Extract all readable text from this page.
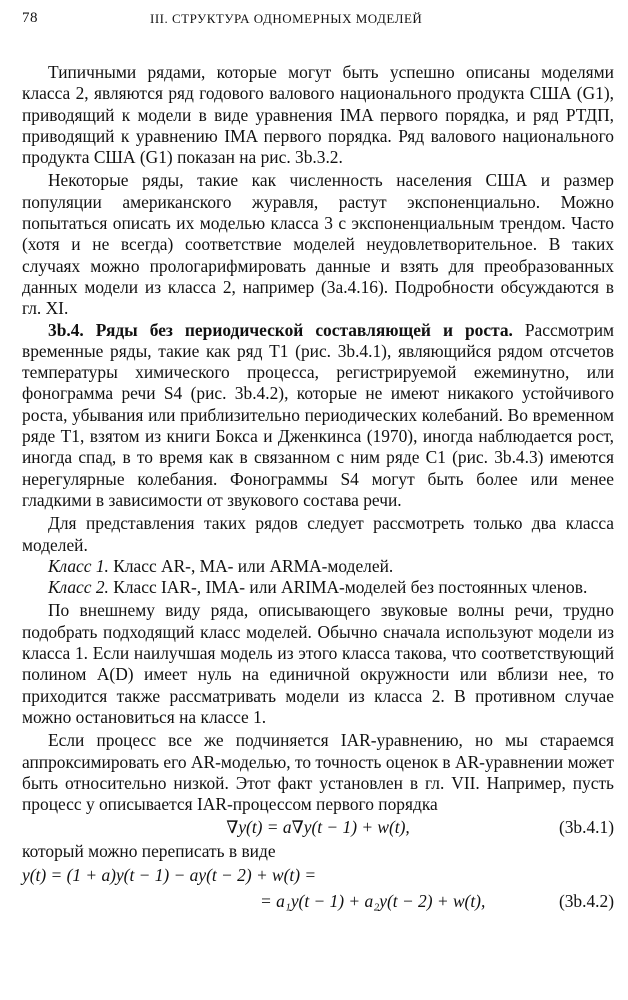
78	III. СТРУКТУРА ОДНОМЕРНЫХ МОДЕЛЕЙ

Типичными рядами, которые могут быть успешно описаны моделями класса 2, являются ряд годового валового национального продукта США (G1), приводящий к модели в виде уравнения IMA первого порядка, и ряд РТДП, приводящий к уравнению IMA первого порядка. Ряд валового национального продукта США (G1) показан на рис. 3b.3.2.

Некоторые ряды, такие как численность населения США и размер популяции американского журавля, растут экспоненциально. Можно попытаться описать их моделью класса 3 с экспоненциальным трендом. Часто (хотя и не всегда) соответствие моделей неудовлетворительное. В таких случаях можно прологарифмировать данные и взять для преобразованных данных модели из класса 2, например (3a.4.16). Подробности обсуждаются в гл. XI.

3b.4. Ряды без периодической составляющей и роста. Рассмотрим временные ряды, такие как ряд T1 (рис. 3b.4.1), являющийся рядом отсчетов температуры химического процесса, регистрируемой ежеминутно, или фонограмма речи S4 (рис. 3b.4.2), которые не имеют никакого устойчивого роста, убывания или приблизительно периодических колебаний. Во временном ряде T1, взятом из книги Бокса и Дженкинса (1970), иногда наблюдается рост, иногда спад, в то время как в связанном с ним ряде C1 (рис. 3b.4.3) имеются нерегулярные колебания. Фонограммы S4 могут быть более или менее гладкими в зависимости от звукового состава речи.

Для представления таких рядов следует рассмотреть только два класса моделей.

Класс 1. Класс AR-, MA- или ARMA-моделей.

Класс 2. Класс IAR-, IMA- или ARIMA-моделей без постоянных членов.

По внешнему виду ряда, описывающего звуковые волны речи, трудно подобрать подходящий класс моделей. Обычно сначала используют модели из класса 1. Если наилучшая модель из этого класса такова, что соответствующий полином A(D) имеет нуль на единичной окружности или вблизи нее, то приходится также рассматривать модели из класса 2. В противном случае можно остановиться на классе 1.

Если процесс все же подчиняется IAR-уравнению, но мы стараемся аппроксимировать его AR-моделью, то точность оценок в AR-уравнении может быть относительно низкой. Этот факт установлен в гл. VII. Например, пусть процесс y описывается IAR-процессом первого порядка

∇y(t) = a∇y(t − 1) + w(t),	(3b.4.1)

который можно переписать в виде

y(t) = (1 + a)y(t − 1) − ay(t − 2) + w(t) =
= a₁y(t − 1) + a₂y(t − 2) + w(t),	(3b.4.2)
